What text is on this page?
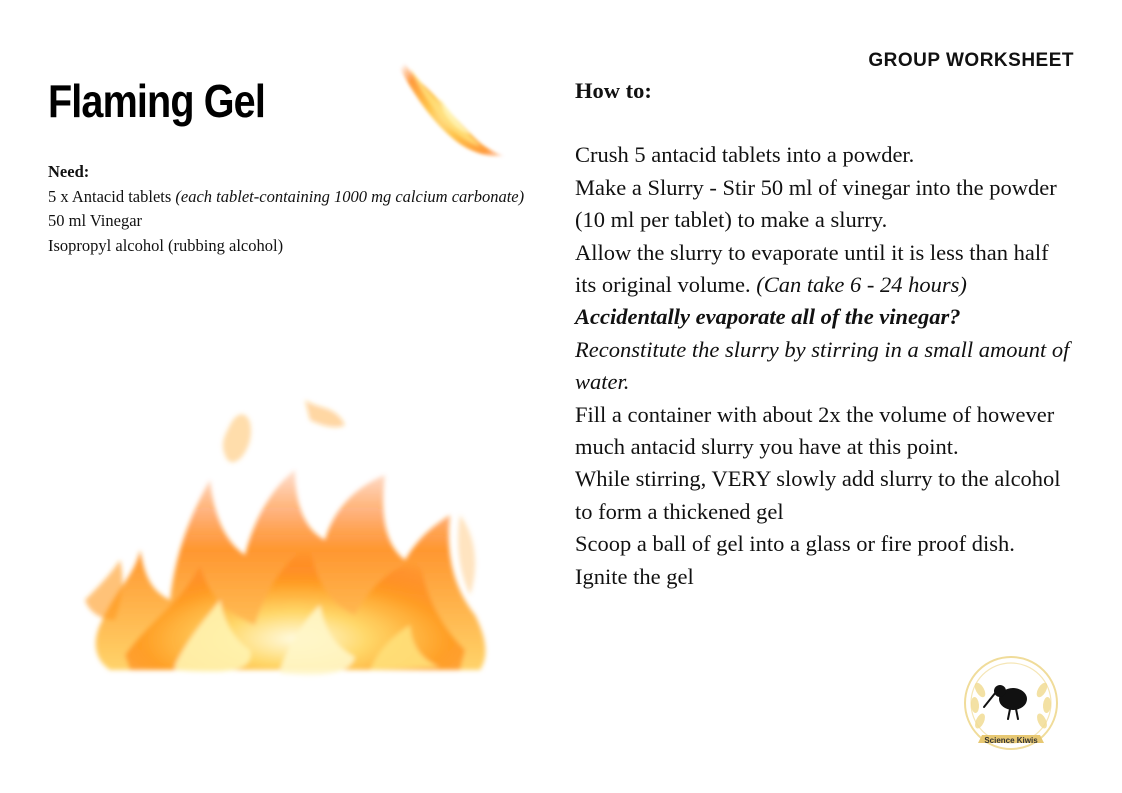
GROUP WORKSHEET
Flaming Gel
Need:
5 x Antacid tablets (each tablet-containing 1000 mg calcium carbonate)
50 ml Vinegar
Isopropyl alcohol (rubbing alcohol)
How to:

Crush 5 antacid tablets into a powder.

Make a Slurry - Stir 50 ml of vinegar into the powder (10 ml per tablet) to make a slurry.

Allow the slurry to evaporate until it is less than half its original volume. (Can take 6 - 24 hours)

Accidentally evaporate all of the vinegar?

Reconstitute the slurry by stirring in a small amount of water.

Fill a container with about 2x the volume of however much antacid slurry you have at this point.

While stirring, VERY slowly add slurry to the alcohol to form a thickened gel

Scoop a ball of gel into a glass or fire proof dish.

Ignite the gel

Science Kiwis
